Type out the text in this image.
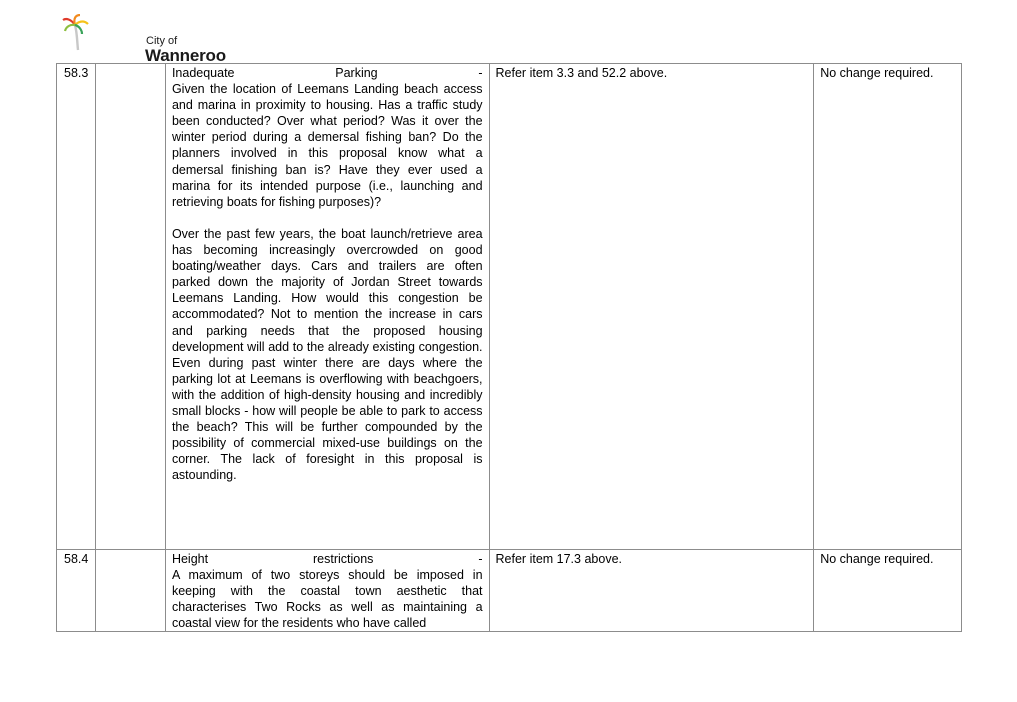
City of
Wanneroo
58.3		Inadequate Parking -
Given the location of Leemans Landing beach access and marina in proximity to housing. Has a traffic study been conducted? Over what period? Was it over the winter period during a demersal fishing ban? Do the planners involved in this proposal know what a demersal finishing ban is? Have they ever used a marina for its intended purpose (i.e., launching and retrieving boats for fishing purposes)?
Over the past few years, the boat launch/retrieve area has becoming increasingly overcrowded on good boating/weather days. Cars and trailers are often parked down the majority of Jordan Street towards Leemans Landing. How would this congestion be accommodated? Not to mention the increase in cars and parking needs that the proposed housing development will add to the already existing congestion.
Even during past winter there are days where the parking lot at Leemans is overflowing with beachgoers, with the addition of high-density housing and incredibly small blocks - how will people be able to park to access the beach? This will be further compounded by the possibility of commercial mixed-use buildings on the corner. The lack of foresight in this proposal is astounding.	Refer item 3.3 and 52.2 above.	No change required.
58.4		Height restrictions -
A maximum of two storeys should be imposed in keeping with the coastal town aesthetic that characterises Two Rocks as well as maintaining a coastal view for the residents who have called	Refer item 17.3 above.	No change required.
